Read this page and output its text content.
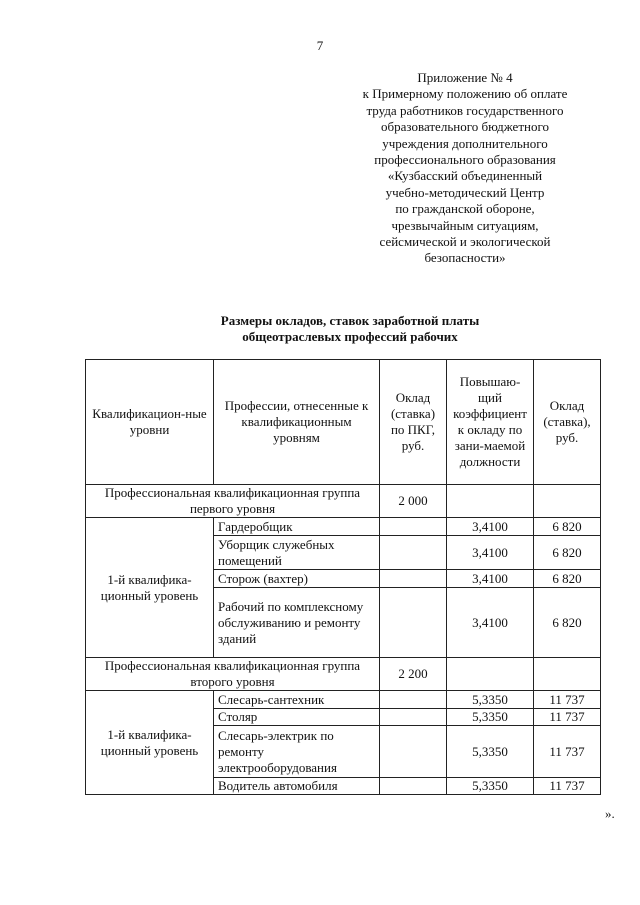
7
Приложение № 4
к Примерному положению об оплате
труда работников государственного
образовательного бюджетного
учреждения дополнительного
профессионального образования
«Кузбасский объединенный
учебно-методический Центр
по гражданской обороне,
чрезвычайным ситуациям,
сейсмической и экологической
безопасности»
Размеры окладов, ставок заработной платы
общеотраслевых профессий рабочих
Квалификацион-ные уровни	Профессии, отнесенные к квалификационным уровням	Оклад (ставка) по ПКГ, руб.	Повышаю-щий коэффициент к окладу по зани-маемой должности	Оклад (ставка), руб.
Профессиональная квалификационная группа первого уровня		2 000		
1-й квалифика-ционный уровень	Гардеробщик		3,4100	6 820
	Уборщик служебных помещений		3,4100	6 820
	Сторож (вахтер)		3,4100	6 820
	Рабочий по комплексному обслуживанию и ремонту зданий		3,4100	6 820
Профессиональная квалификационная группа второго уровня		2 200		
1-й квалифика-ционный уровень	Слесарь-сантехник		5,3350	11 737
	Столяр		5,3350	11 737
	Слесарь-электрик по ремонту электрооборудования		5,3350	11 737
	Водитель автомобиля		5,3350	11 737
».
